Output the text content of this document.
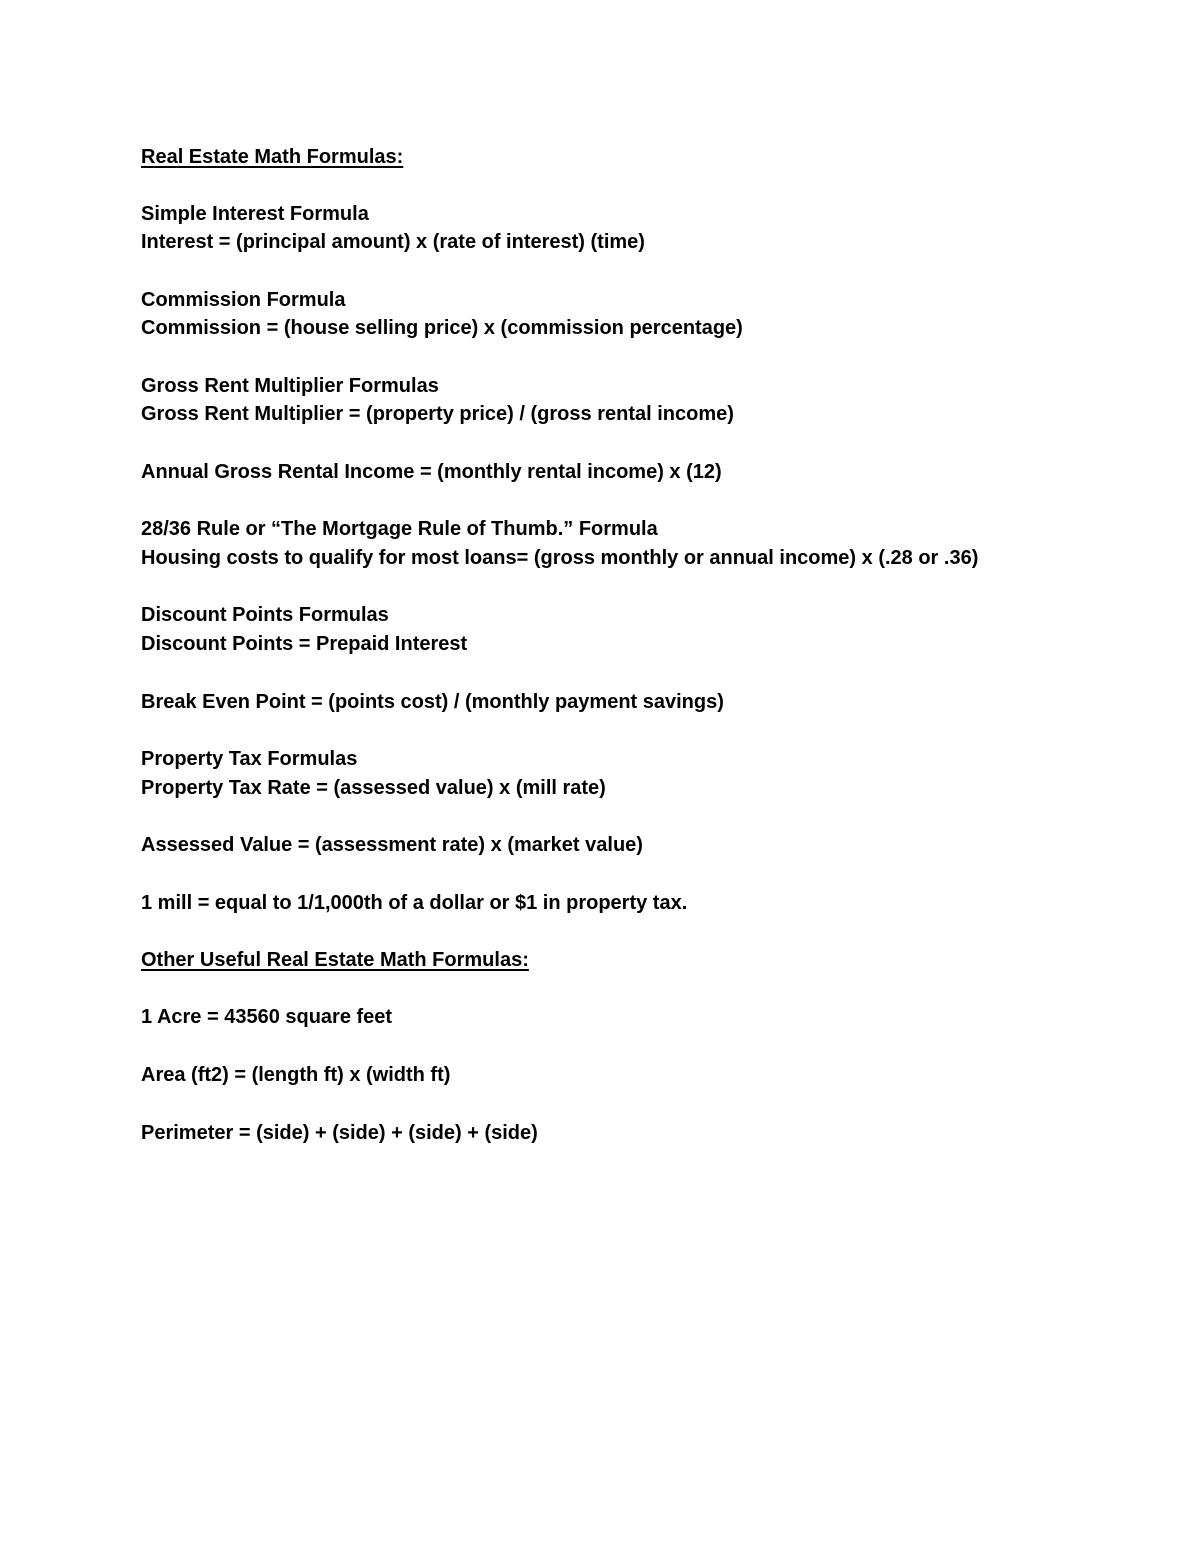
Real Estate Math Formulas:
Simple Interest Formula
Interest = (principal amount) x (rate of interest) (time)
Commission Formula
Commission = (house selling price) x (commission percentage)
Gross Rent Multiplier Formulas
Gross Rent Multiplier = (property price) / (gross rental income)
Annual Gross Rental Income = (monthly rental income) x (12)
28/36 Rule or “The Mortgage Rule of Thumb.” Formula
Housing costs to qualify for most loans= (gross monthly or annual income) x (.28 or .36)
Discount Points Formulas
Discount Points = Prepaid Interest
Break Even Point = (points cost) / (monthly payment savings)
Property Tax Formulas
Property Tax Rate = (assessed value) x (mill rate)
Assessed Value = (assessment rate) x (market value)
1 mill = equal to 1/1,000th of a dollar or $1 in property tax.
Other Useful Real Estate Math Formulas:
1 Acre = 43560 square feet
Area (ft2) = (length ft) x (width ft)
Perimeter = (side) + (side) + (side) + (side)
